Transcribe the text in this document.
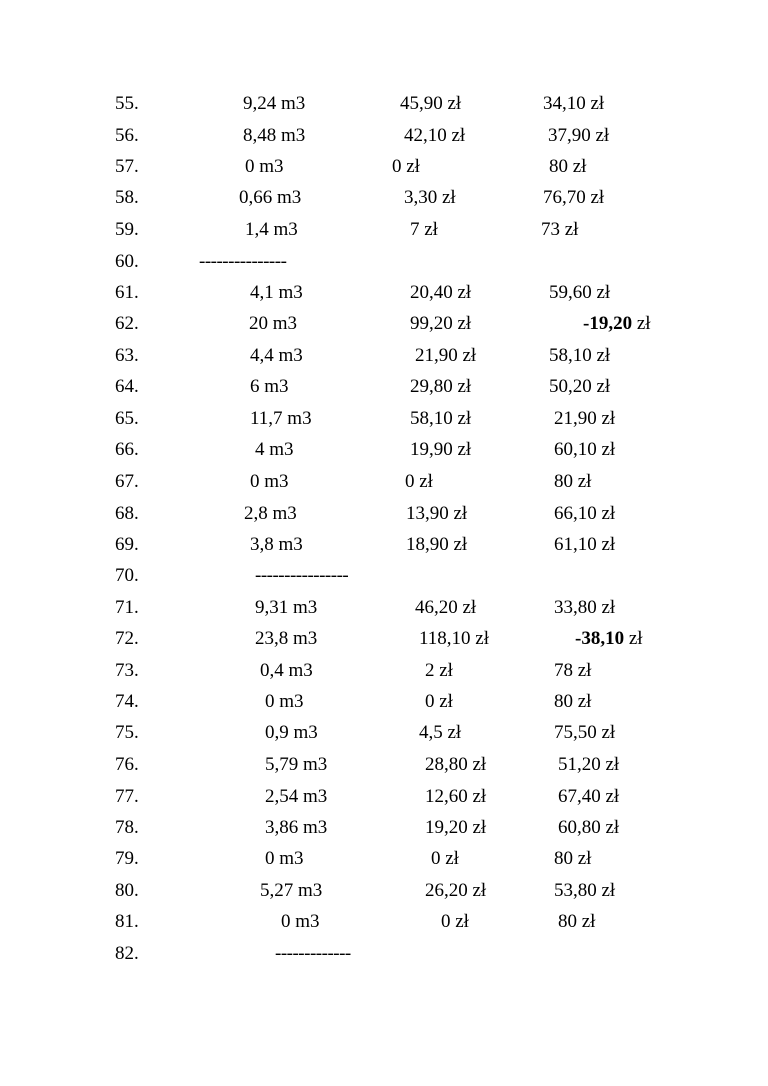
55.	9,24 m3	45,90 zł	34,10 zł
56.	8,48 m3	42,10 zł	37,90 zł
57.	0 m3	0 zł	80 zł
58.	0,66 m3	3,30 zł	76,70 zł
59.	1,4 m3	7 zł	73 zł
60.	---------------
61.	4,1 m3	20,40 zł	59,60 zł
62.	20 m3	99,20 zł	-19,20 zł
63.	4,4 m3	21,90 zł	58,10 zł
64.	6 m3	29,80 zł	50,20 zł
65.	11,7 m3	58,10 zł	21,90 zł
66.	4 m3	19,90 zł	60,10 zł
67.	0 m3	0 zł	80 zł
68.	2,8 m3	13,90 zł	66,10 zł
69.	3,8 m3	18,90 zł	61,10 zł
70.	----------------
71.	9,31 m3	46,20 zł	33,80 zł
72.	23,8 m3	118,10 zł	-38,10 zł
73.	0,4 m3	2 zł	78 zł
74.	0 m3	0 zł	80 zł
75.	0,9 m3	4,5 zł	75,50 zł
76.	5,79 m3	28,80 zł	51,20 zł
77.	2,54 m3	12,60 zł	67,40 zł
78.	3,86 m3	19,20 zł	60,80 zł
79.	0 m3	0 zł	80 zł
80.	5,27 m3	26,20 zł	53,80 zł
81.	0 m3	0 zł	80 zł
82.	-------------
